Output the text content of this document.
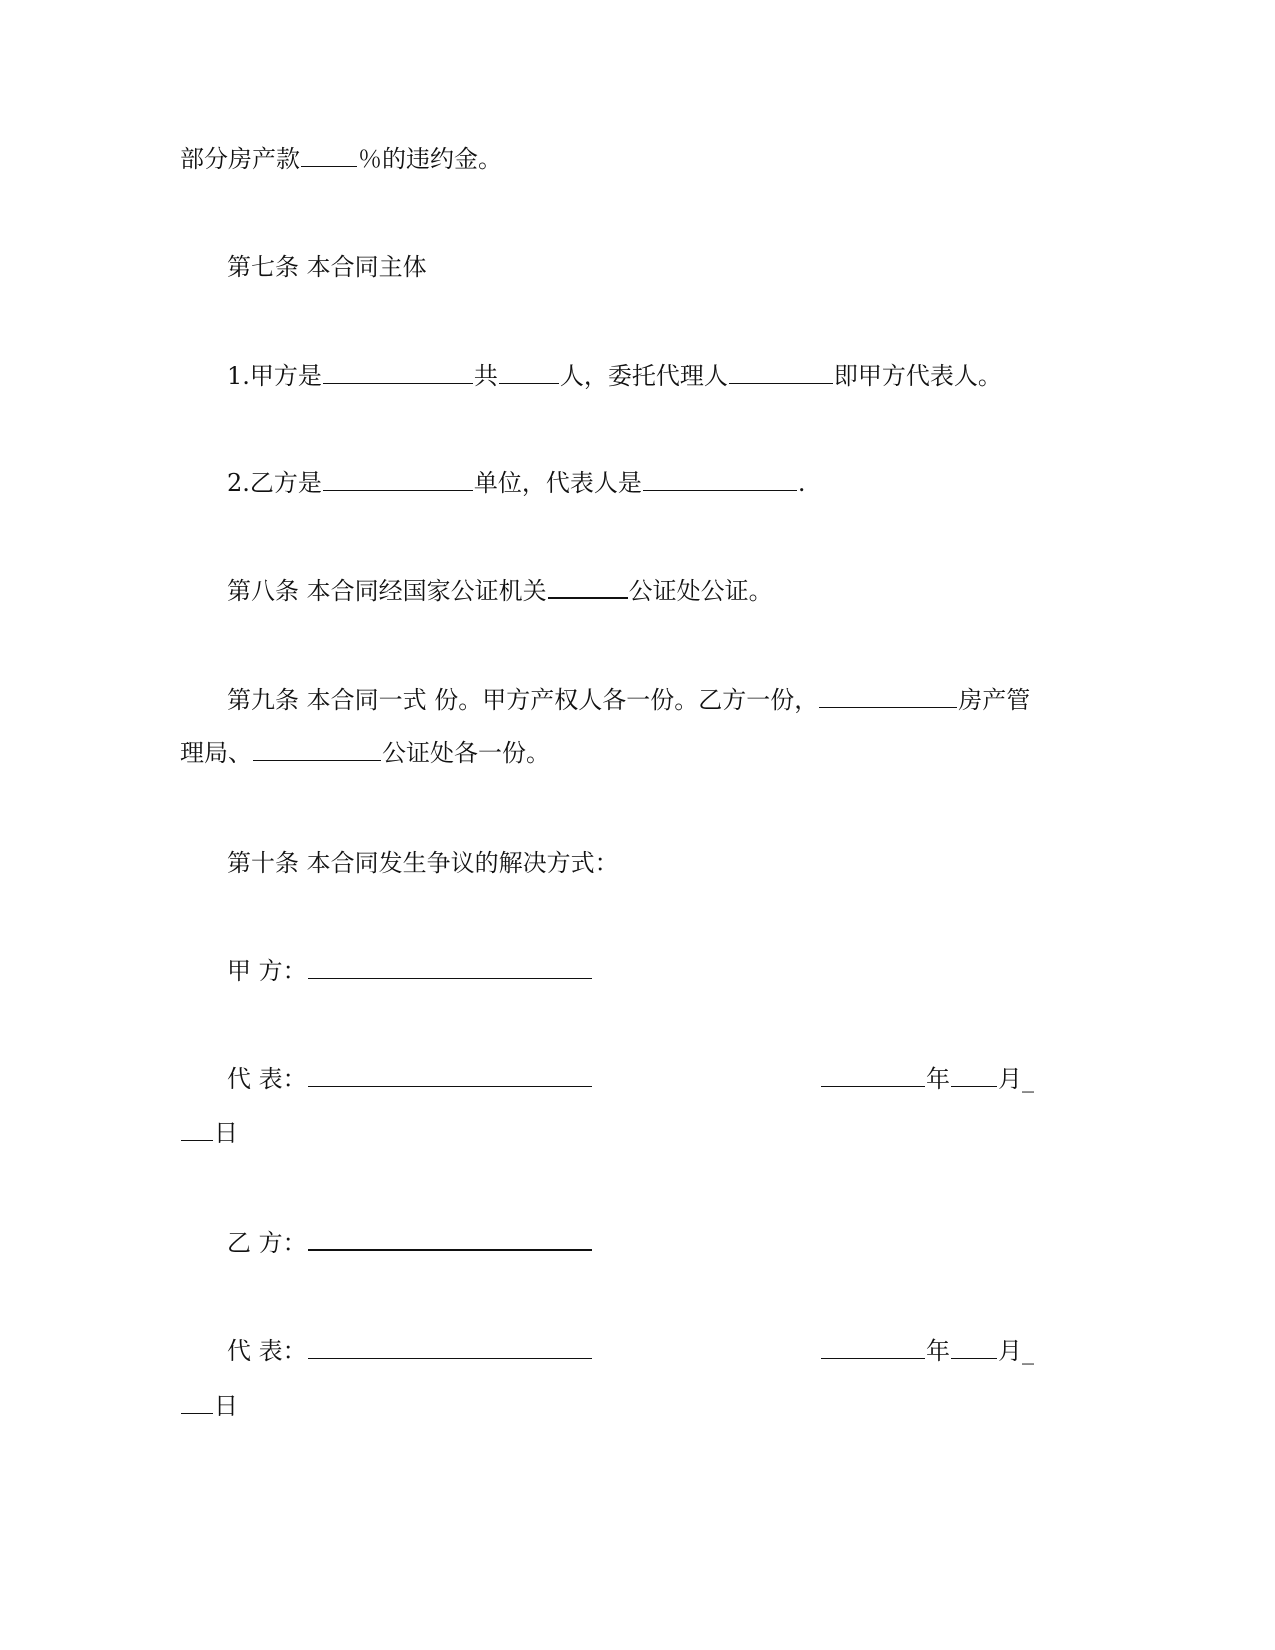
部分房产款 ％的违约金。
第七条 本合同主体
1.甲方是	共	人，委托代理人	即甲方代表人。
2.乙方是	单位，代表人是	.
第八条 本合同经国家公证机关	公证处公证。
第九条 本合同一式 份。甲方产权人各一份。乙方一份，	房产管
理局、	公证处各一份。
第十条 本合同发生争议的解决方式：
甲 方：
代 表：	年 月_
日
乙 方：
代 表：	年 月_
日
